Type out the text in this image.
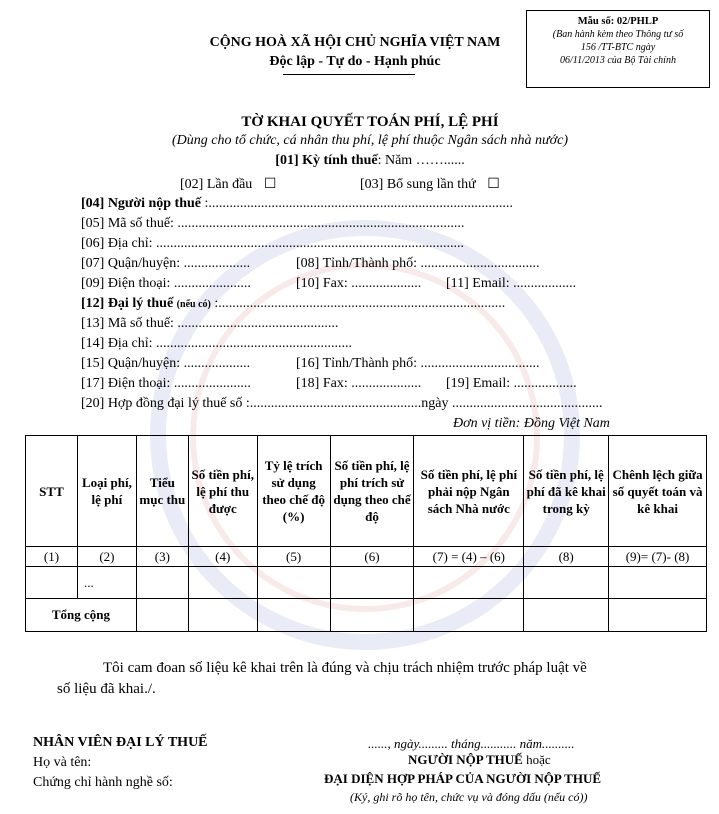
Mẫu số: 02/PHLP
(Ban hành kèm theo Thông tư số
156 /TT-BTC ngày
06/11/2013 của Bộ Tài chính
CỘNG HOÀ XÃ HỘI CHỦ NGHĨA VIỆT NAM
Độc lập - Tự do - Hạnh phúc
TỜ KHAI QUYẾT TOÁN PHÍ, LỆ PHÍ
(Dùng cho tổ chức, cá nhân thu phí, lệ phí thuộc Ngân sách nhà nước)
[01] Kỳ tính thuế: Năm ……......
[02] Lần đầu ☐	[03] Bổ sung lần thứ ☐
[04] Người nộp thuế :.......................................................................................
[05] Mã số thuế: ..................................................................................
[06] Địa chỉ: ........................................................................................
[07] Quận/huyện: ...................	[08] Tỉnh/Thành phố: ..................................
[09] Điện thoại: ......................	[10] Fax: .................... [11] Email: ..................
[12] Đại lý thuế (nếu có) :..................................................................................
[13] Mã số thuế: ..............................................
[14] Địa chỉ: ........................................................
[15] Quận/huyện: ...................	[16] Tỉnh/Thành phố: ..................................
[17] Điện thoại: ......................	[18] Fax: .................... [19] Email: ..................
[20] Hợp đồng đại lý thuế số :.................................................ngày ...........................................
Đơn vị tiền: Đồng Việt Nam
STT	Loại phí, lệ phí	Tiểu mục thu	Số tiền phí, lệ phí thu được	Tỷ lệ trích sử dụng theo chế độ (%)	Số tiền phí, lệ phí trích sử dụng theo chế độ	Số tiền phí, lệ phí phải nộp Ngân sách Nhà nước	Số tiền phí, lệ phí đã kê khai trong kỳ	Chênh lệch giữa số quyết toán và kê khai
(1)	(2)	(3)	(4)	(5)	(6)	(7) = (4) – (6)	(8)	(9)= (7)- (8)
	...							
Tổng cộng								
Tôi cam đoan số liệu kê khai trên là đúng và chịu trách nhiệm trước pháp luật về
số liệu đã khai./.
NHÂN VIÊN ĐẠI LÝ THUẾ
Họ và tên:
Chứng chỉ hành nghề số:
......, ngày......... tháng........... năm..........
NGƯỜI NỘP THUẾ hoặc
ĐẠI DIỆN HỢP PHÁP CỦA NGƯỜI NỘP THUẾ
(Ký, ghi rõ họ tên, chức vụ và đóng dấu (nếu có))
